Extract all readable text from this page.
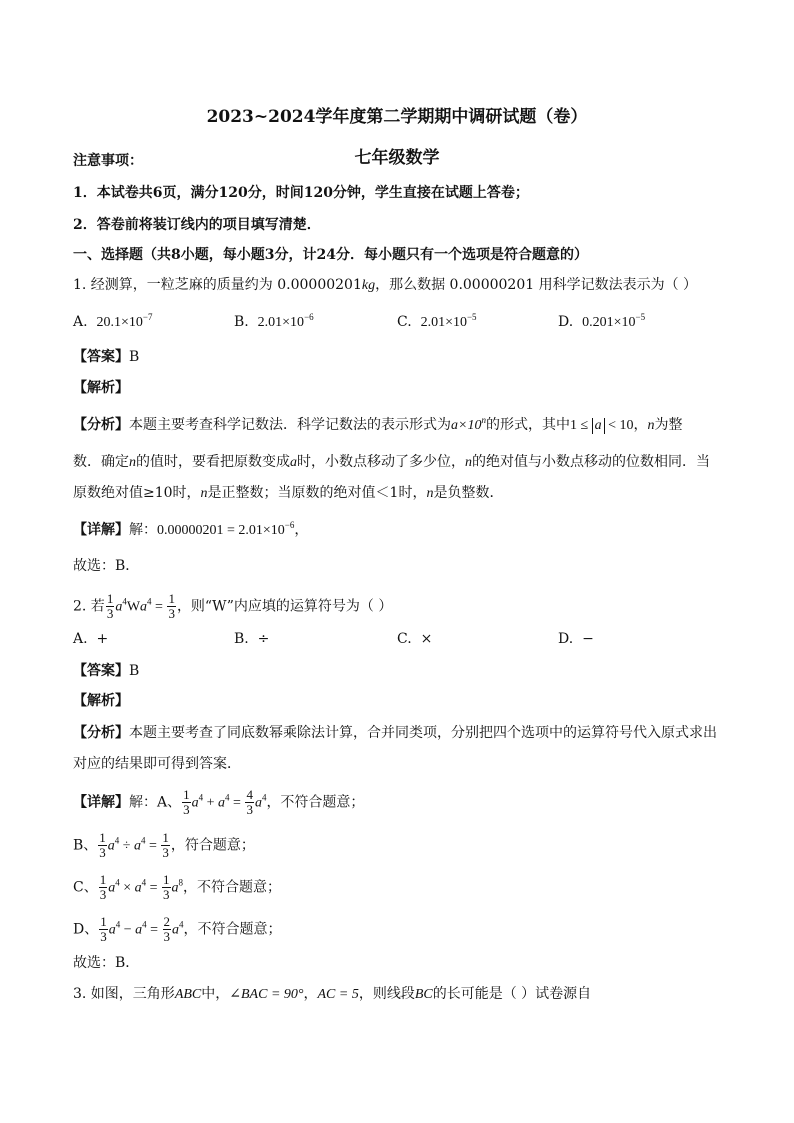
2023~2024学年度第二学期期中调研试题（卷）
七年级数学
注意事项：
1．本试卷共6页，满分120分，时间120分钟，学生直接在试题上答卷；
2．答卷前将装订线内的项目填写清楚．
一、选择题（共8小题，每小题3分，计24分．每小题只有一个选项是符合题意的）
1. 经测算，一粒芝麻的质量约为 0.00000201kg，那么数据 0.00000201 用科学记数法表示为（ ）
A. $20.1\times 10^{-7}$	B. $2.01\times 10^{-6}$	C. $2.01\times 10^{-5}$	D. $0.201\times 10^{-5}$
【答案】B
【解析】
【分析】本题主要考查科学记数法．科学记数法的表示形式为$a\times 10^n$的形式，其中1 ≤ a < 10，n为整
数．确定n的值时，要看把原数变成a时，小数点移动了多少位，n的绝对值与小数点移动的位数相同．当
原数绝对值≥10时，n是正整数；当原数的绝对值＜1时，n是负整数．
【详解】解：$0.00000201 = 2.01\times 10^{-6}$，
故选：B．
2. 若 $\frac{1}{3} a^4Wa^4 = \frac{1}{3}$ ，则“W”内应填的运算符号为（ ）
A. +	B. ÷	C. ×	D. −
【答案】B
【解析】
【分析】本题主要考查了同底数幂乘除法计算，合并同类项，分别把四个选项中的运算符号代入原式求出
对应的结果即可得到答案．
【详解】解：A、 $\frac{1}{3} a^4 + a^4 = \frac{4}{3} a^4$，不符合题意；
B、 $\frac{1}{3} a^4 \div a^4 = \frac{1}{3}$ ，符合题意；
C、 $\frac{1}{3} a^4 \times a^4 = \frac{1}{3} a^8$，不符合题意；
D、 $\frac{1}{3} a^4 - a^4 = \frac{2}{3} a^4$，不符合题意；
故选：B．
3. 如图，三角形ABC中，∠BAC = 90°，AC = 5，则线段BC的长可能是（ ）试卷源自
